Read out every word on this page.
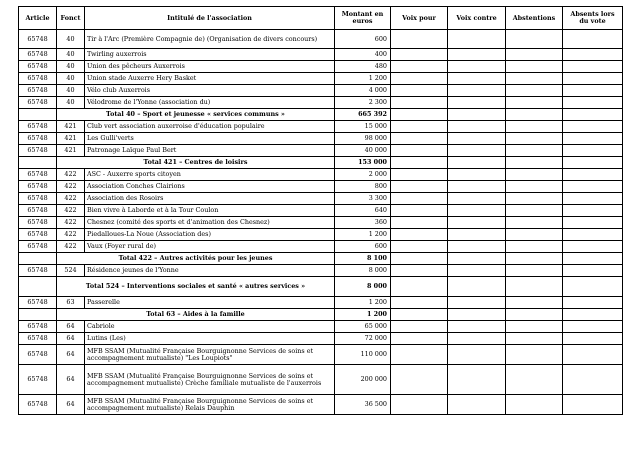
Article	Fonct	Intitulé de l'association	Montant en euros	Voix pour	Voix contre	Abstentions	Absents lors du vote
65748	40	Tir à l'Arc (Première Compagnie de) (Organisation de divers concours)	600				
65748	40	Twirling auxerrois	400				
65748	40	Union des pêcheurs Auxerrois	480				
65748	40	Union stade Auxerre Hery Basket	1 200				
65748	40	Vélo club Auxerrois	4 000				
65748	40	Vélodrome de l'Yonne (association du)	2 300				
	Total 40 – Sport et jeunesse « services communs »		665 392				
65748	421	Club vert association auxerroise d'éducation populaire	15 000				
65748	421	Les Gulli'verts	98 000				
65748	421	Patronage Laïque Paul Bert	40 000				
	Total 421 – Centres de loisirs		153 000				
65748	422	ASC - Auxerre sports citoyen	2 000				
65748	422	Association Conches Clairions	800				
65748	422	Association des Rosoirs	3 300				
65748	422	Bien vivre à Laborde et à la Tour Coulon	640				
65748	422	Chesnez (comité des sports et d'animation des Chesnez)	360				
65748	422	Piedalloues-La Noue (Association des)	1 200				
65748	422	Vaux (Foyer rural de)	600				
	Total 422 – Autres activités pour les jeunes		8 100				
65748	524	Résidence jeunes de l'Yonne	8 000				
	Total 524 – Interventions sociales et santé « autres services »		8 000				
65748	63	Passerelle	1 200				
	Total 63 – Aides à la famille		1 200				
65748	64	Cabriole	65 000				
65748	64	Lutins (Les)	72 000				
65748	64	MFB SSAM (Mutualité Française Bourguignonne Services de soins et accompagnement mutualiste) "Les Loupiots"	110 000				
65748	64	MFB SSAM (Mutualité Française Bourguignonne Services de soins et accompagnement mutualiste) Crèche familiale mutualiste de l'auxerrois	200 000				
65748	64	MFB SSAM (Mutualité Française Bourguignonne Services de soins et accompagnement mutualiste) Relais Dauphin	36 500				
